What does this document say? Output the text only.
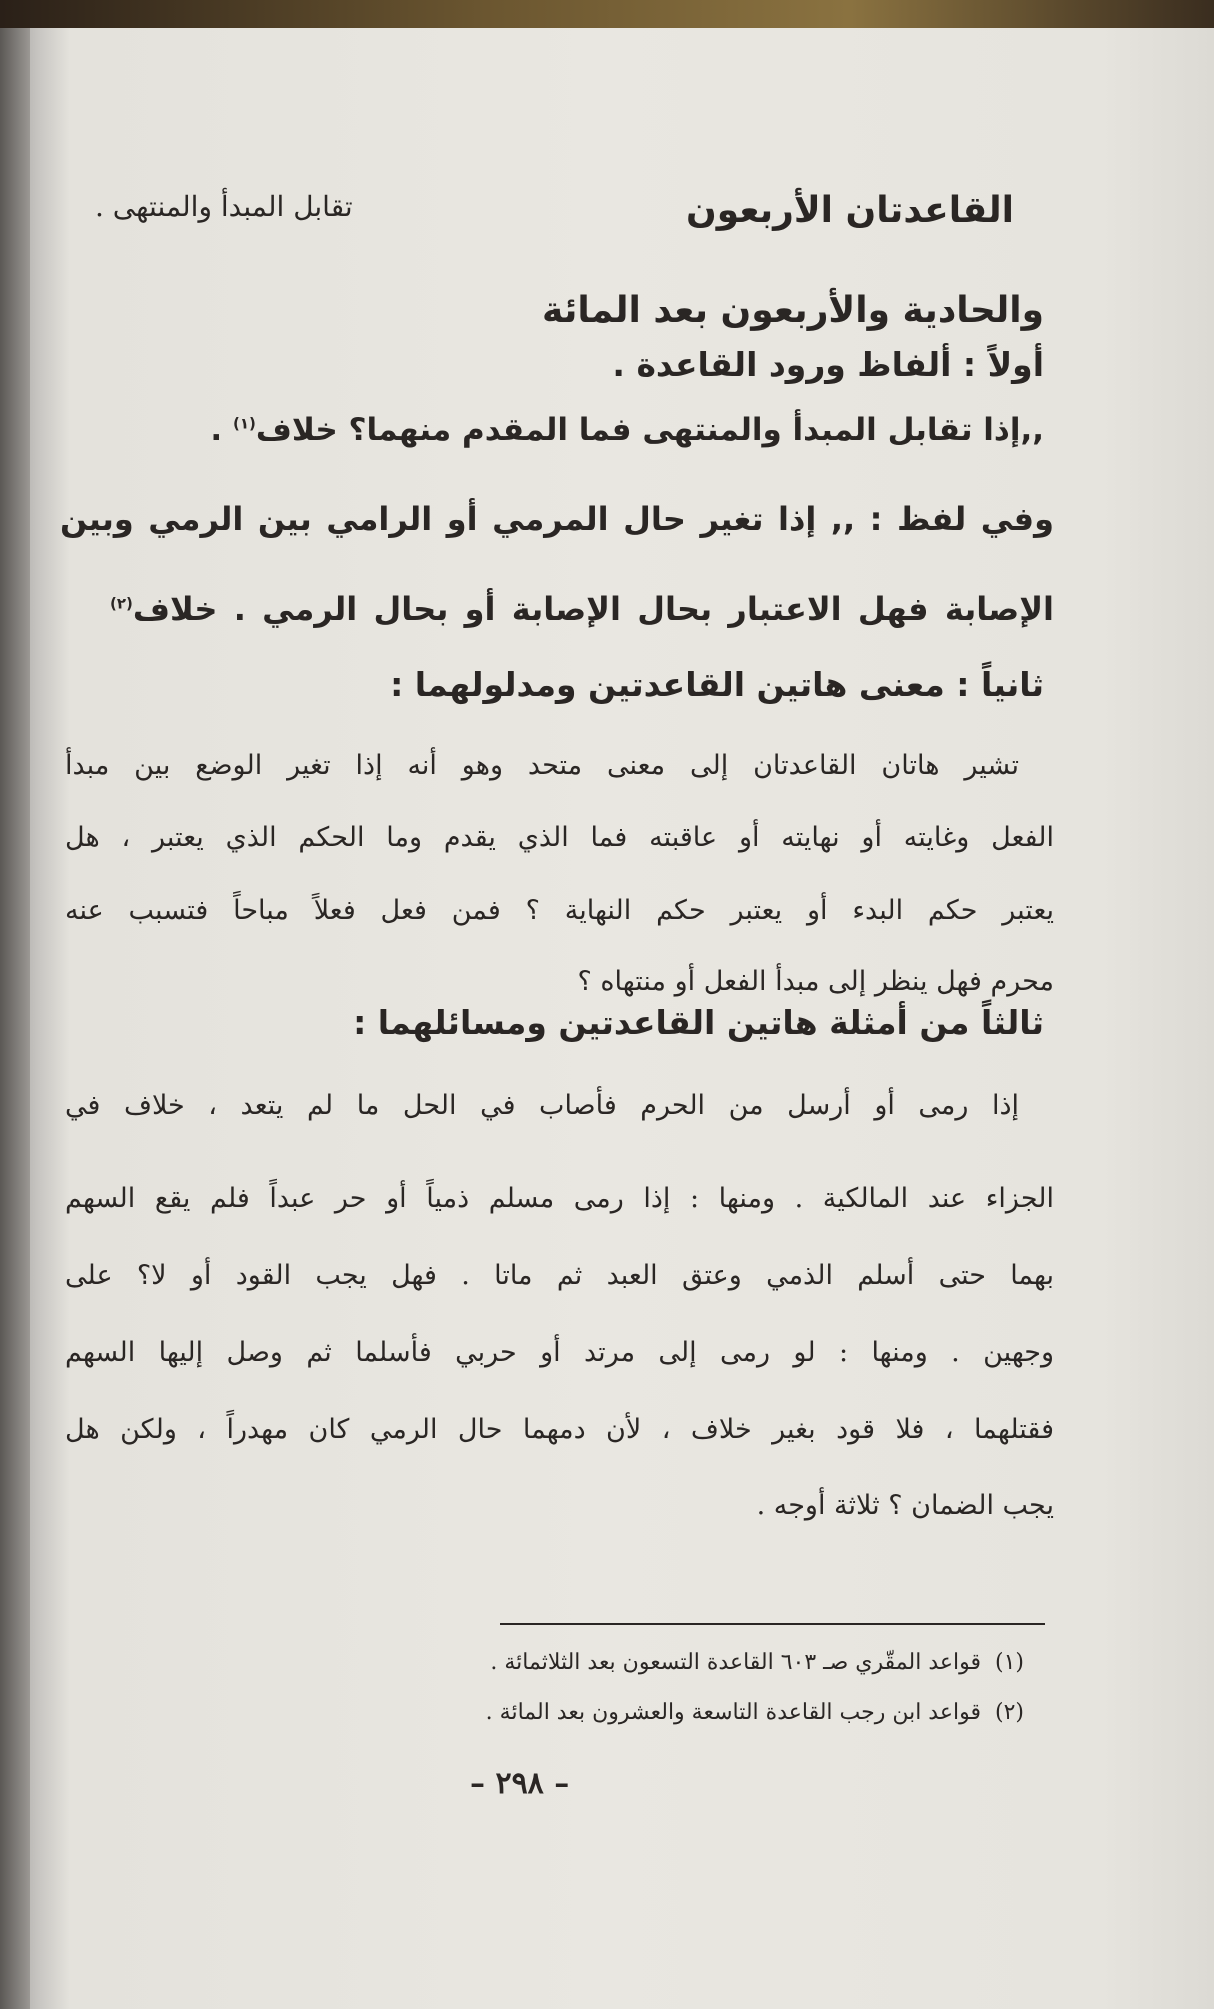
تقابل المبدأ والمنتهى .	القاعدتان الأربعون
والحادية والأربعون بعد المائة
أولاً : ألفاظ ورود القاعدة .
,,إذا تقابل المبدأ والمنتهى فما المقدم منهما؟ خلاف$^{(١)}$ .
وفي لفظ : ,, إذا تغير حال المرمي أو الرامي بين الرمي وبين
الإصابة فهل الاعتبار بحال الإصابة أو بحال الرمي . خلاف$^{(٢)}$
ثانياً : معنى هاتين القاعدتين ومدلولهما :
تشير هاتان القاعدتان إلى معنى متحد وهو أنه إذا تغير الوضع بين مبدأ
الفعل وغايته أو نهايته أو عاقبته فما الذي يقدم وما الحكم الذي يعتبر ، هل
يعتبر حكم البدء أو يعتبر حكم النهاية ؟ فمن فعل فعلاً مباحاً فتسبب عنه
محرم فهل ينظر إلى مبدأ الفعل أو منتهاه ؟
ثالثاً من أمثلة هاتين القاعدتين ومسائلهما :
إذا رمى أو أرسل من الحرم فأصاب في الحل ما لم يتعد ، خلاف في
الجزاء عند المالكية . ومنها : إذا رمى مسلم ذمياً أو حر عبداً فلم يقع السهم
بهما حتى أسلم الذمي وعتق العبد ثم ماتا . فهل يجب القود أو لا؟ على
وجهين . ومنها : لو رمى إلى مرتد أو حربي فأسلما ثم وصل إليها السهم
فقتلهما ، فلا قود بغير خلاف ، لأن دمهما حال الرمي كان مهدراً ، ولكن هل
يجب الضمان ؟ ثلاثة أوجه .
(١)  قواعد المقّري صـ ٦٠٣ القاعدة التسعون بعد الثلاثمائة .
(٢)  قواعد ابن رجب القاعدة التاسعة والعشرون بعد المائة .
– ٢٩٨ –
